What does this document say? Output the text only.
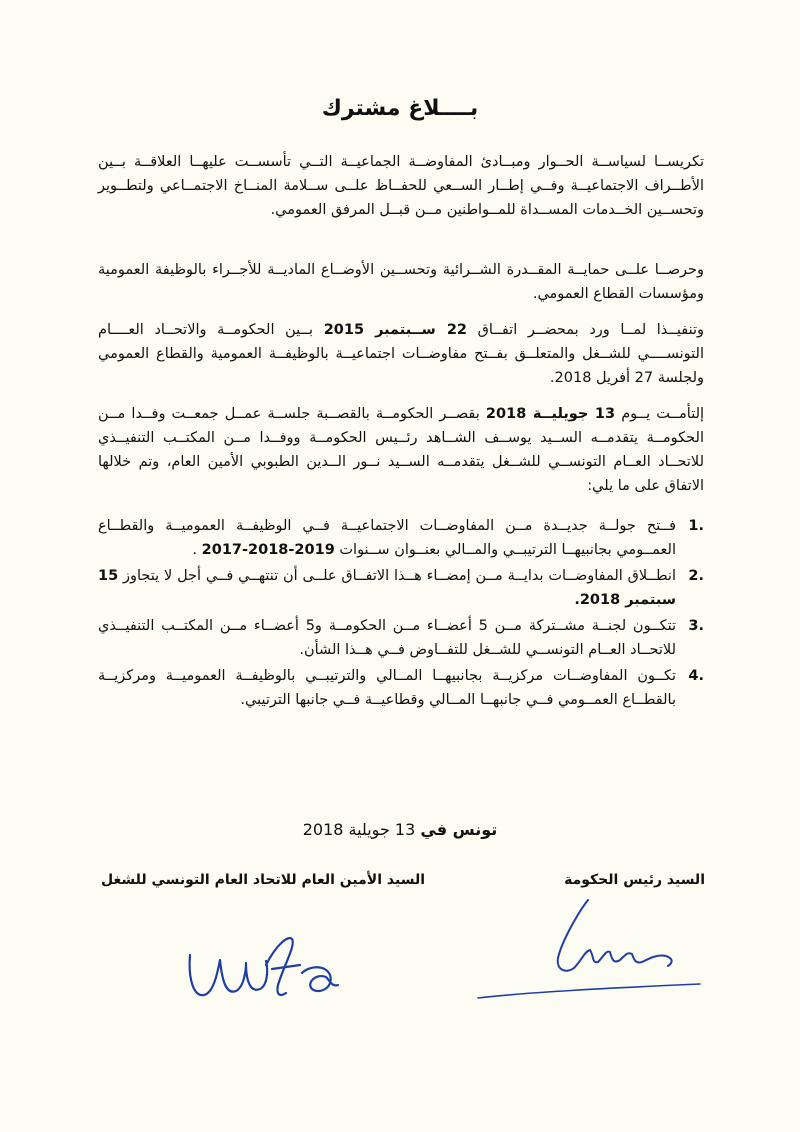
بــــلاغ مشترك
تكريســا لسياســة الحــوار ومبــادئ المفاوضــة الجماعيــة التــي تأسســت عليهــا العلاقــة بــين الأطــراف الاجتماعيــة وفــي إطــار الســعي للحفــاظ علــى ســلامة المنــاخ الاجتمــاعي ولتطــوير وتحســين الخــدمات المســداة للمــواطنين مــن قبــل المرفق العمومي.
وحرصــا علــى حمايــة المقــدرة الشــرائية وتحســين الأوضــاع الماديــة للأجــراء بالوظيفة العمومية ومؤسسات القطاع العمومي.
وتنفيــذا لمــا ورد بمحضــر اتفــاق 22 ســبتمبر 2015 بــين الحكومــة والاتحــاد العــــام التونســــي للشــغل والمتعلــق بفــتح مفاوضــات اجتماعيــة بالوظيفــة العمومية والقطاع العمومي ولجلسة 27 أفريل 2018.
إلتأمــت يــوم 13 جويليــة 2018 بقصــر الحكومــة بالقصــبة جلســة عمــل جمعــت وفــدا مــن الحكومــة يتقدمــه الســيد يوســف الشــاهد رئــيس الحكومــة ووفــدا مــن المكتــب التنفيــذي للاتحــاد العــام التونســي للشــغل يتقدمــه الســيد نــور الــدين الطبوبي الأمين العام، وتم خلالها الاتفاق على ما يلي:
.1
فــتح جولــة جديــدة مــن المفاوضــات الاجتماعيــة فــي الوظيفــة العموميــة والقطــاع العمــومي بجانبيهــا الترتيبــي والمــالي بعنــوان ســنوات 2019-2018-2017 .
.2
انطــلاق المفاوضــات بدايــة مــن إمضــاء هــذا الاتفــاق علــى أن تنتهــي فــي أجل لا يتجاوز 15 سبتمبر 2018.
.3
تتكــون لجنــة مشــتركة مــن 5 أعضــاء مــن الحكومــة و5 أعضــاء مــن المكتــب التنفيــذي للاتحــاد العــام التونســي للشــغل للتفــاوض فــي هــذا الشأن.
.4
تكــون المفاوضــات مركزيــة بجانبيهــا المــالي والترتيبــي بالوظيفــة العموميــة ومركزيــة بالقطــاع العمــومي فــي جانبهــا المــالي وقطاعيــة فــي جانبها الترتيبي.
تونس في 13 جويلية 2018
السيد رئيس الحكومة
السيد الأمين العام للاتحاد العام التونسي للشغل
